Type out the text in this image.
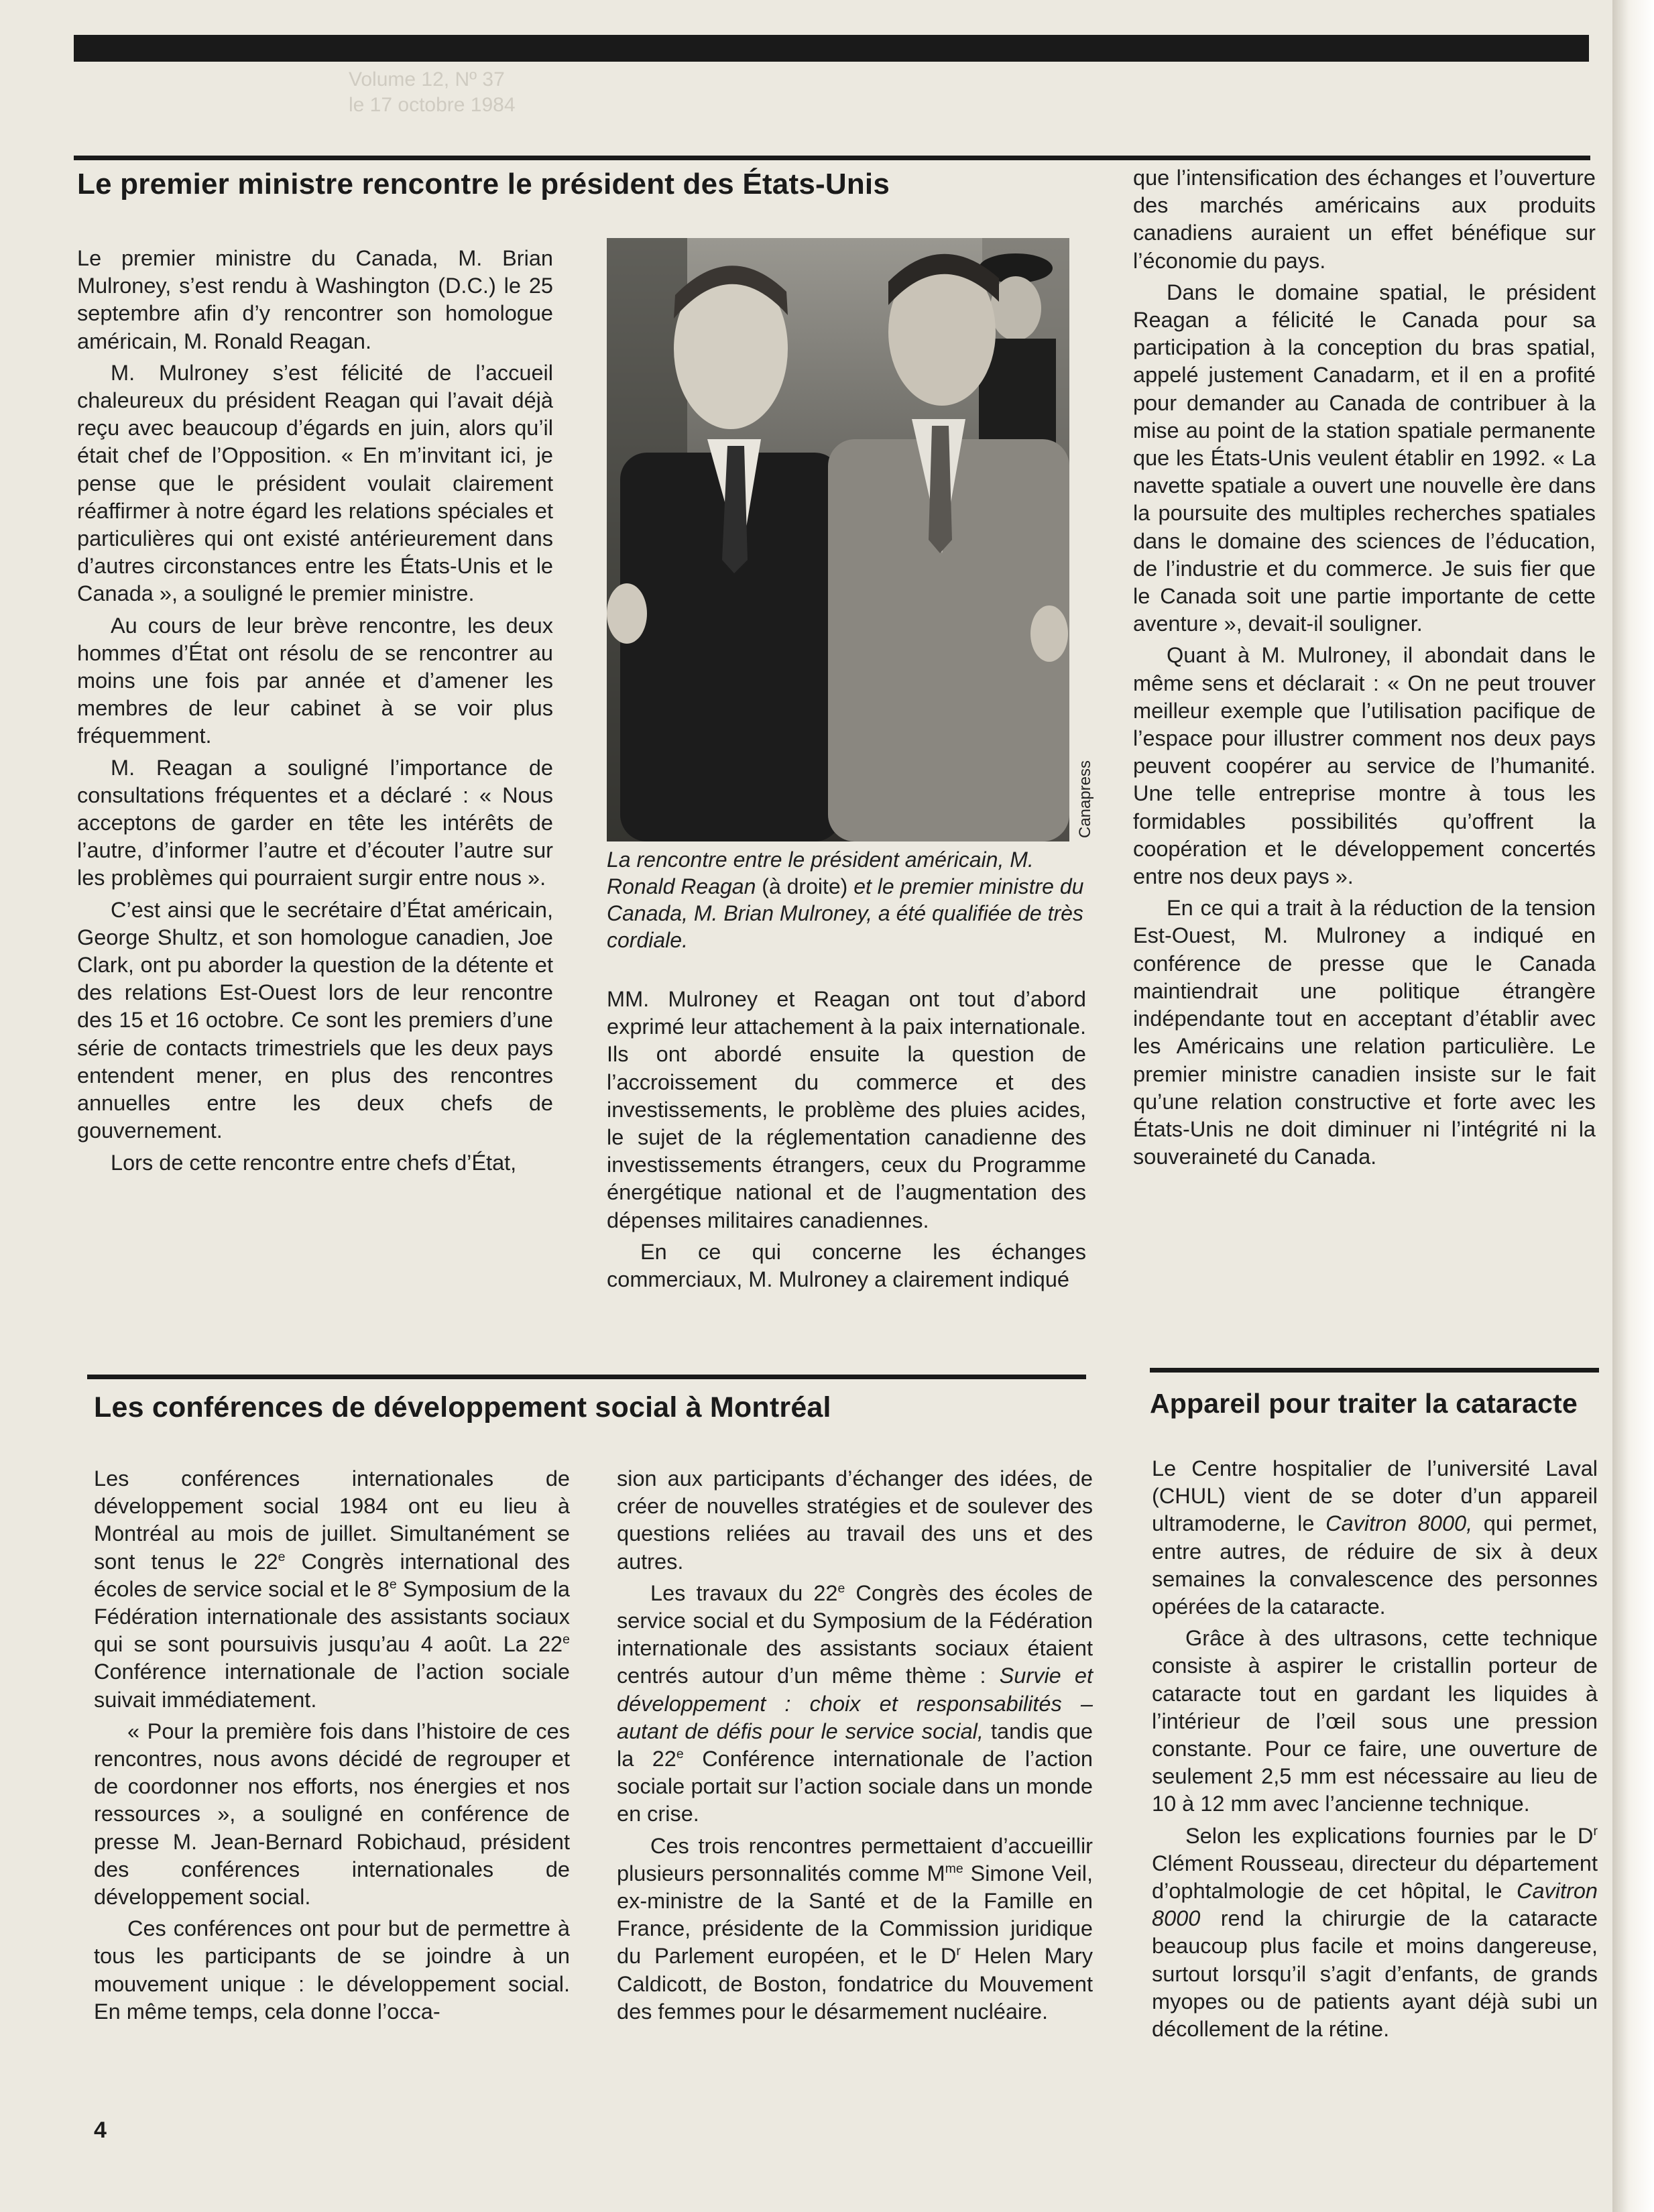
Volume 12, Nº 37
le 17 octobre 1984
Le premier ministre rencontre le président des États-Unis

Le premier ministre du Canada, M. Brian Mulroney, s’est rendu à Washington (D.C.) le 25 septembre afin d’y rencontrer son homologue américain, M. Ronald Reagan.

M. Mulroney s’est félicité de l’accueil chaleureux du président Reagan qui l’avait déjà reçu avec beaucoup d’égards en juin, alors qu’il était chef de l’Opposition. « En m’invitant ici, je pense que le président voulait clairement réaffirmer à notre égard les relations spéciales et particulières qui ont existé antérieurement dans d’autres circonstances entre les États-Unis et le Canada », a souligné le premier ministre.

Au cours de leur brève rencontre, les deux hommes d’État ont résolu de se rencontrer au moins une fois par année et d’amener les membres de leur cabinet à se voir plus fréquemment.

M. Reagan a souligné l’importance de consultations fréquentes et a déclaré : « Nous acceptons de garder en tête les intérêts de l’autre, d’informer l’autre et d’écouter l’autre sur les problèmes qui pourraient surgir entre nous ».

C’est ainsi que le secrétaire d’État américain, George Shultz, et son homologue canadien, Joe Clark, ont pu aborder la question de la détente et des relations Est-Ouest lors de leur rencontre des 15 et 16 octobre. Ce sont les premiers d’une série de contacts trimestriels que les deux pays entendent mener, en plus des rencontres annuelles entre les deux chefs de gouvernement.

Lors de cette rencontre entre chefs d’État,

Canapress
La rencontre entre le président américain, M. Ronald Reagan (à droite) et le premier ministre du Canada, M. Brian Mulroney, a été qualifiée de très cordiale.

MM. Mulroney et Reagan ont tout d’abord exprimé leur attachement à la paix internationale. Ils ont abordé ensuite la question de l’accroissement du commerce et des investissements, le problème des pluies acides, le sujet de la réglementation canadienne des investissements étrangers, ceux du Programme énergétique national et de l’augmentation des dépenses militaires canadiennes.

En ce qui concerne les échanges commerciaux, M. Mulroney a clairement indiqué

que l’intensification des échanges et l’ouverture des marchés américains aux produits canadiens auraient un effet bénéfique sur l’économie du pays.

Dans le domaine spatial, le président Reagan a félicité le Canada pour sa participation à la conception du bras spatial, appelé justement Canadarm, et il en a profité pour demander au Canada de contribuer à la mise au point de la station spatiale permanente que les États-Unis veulent établir en 1992. « La navette spatiale a ouvert une nouvelle ère dans la poursuite des multiples recherches spatiales dans le domaine des sciences de l’éducation, de l’industrie et du commerce. Je suis fier que le Canada soit une partie importante de cette aventure », devait-il souligner.

Quant à M. Mulroney, il abondait dans le même sens et déclarait : « On ne peut trouver meilleur exemple que l’utilisation pacifique de l’espace pour illustrer comment nos deux pays peuvent coopérer au service de l’humanité. Une telle entreprise montre à tous les formidables possibilités qu’offrent la coopération et le développement concertés entre nos deux pays ».

En ce qui a trait à la réduction de la tension Est-Ouest, M. Mulroney a indiqué en conférence de presse que le Canada maintiendrait une politique étrangère indépendante tout en acceptant d’établir avec les Américains une relation particulière. Le premier ministre canadien insiste sur le fait qu’une relation constructive et forte avec les États-Unis ne doit diminuer ni l’intégrité ni la souveraineté du Canada.

Les conférences de développement social à Montréal

Les conférences internationales de développement social 1984 ont eu lieu à Montréal au mois de juillet. Simultanément se sont tenus le 22e Congrès international des écoles de service social et le 8e Symposium de la Fédération internationale des assistants sociaux qui se sont poursuivis jusqu’au 4 août. La 22e Conférence internationale de l’action sociale suivait immédiatement.

« Pour la première fois dans l’histoire de ces rencontres, nous avons décidé de regrouper et de coordonner nos efforts, nos énergies et nos ressources », a souligné en conférence de presse M. Jean-Bernard Robichaud, président des conférences internationales de développement social.

Ces conférences ont pour but de permettre à tous les participants de se joindre à un mouvement unique : le développement social. En même temps, cela donne l’occa-

sion aux participants d’échanger des idées, de créer de nouvelles stratégies et de soulever des questions reliées au travail des uns et des autres.

Les travaux du 22e Congrès des écoles de service social et du Symposium de la Fédération internationale des assistants sociaux étaient centrés autour d’un même thème : Survie et développement : choix et responsabilités – autant de défis pour le service social, tandis que la 22e Conférence internationale de l’action sociale portait sur l’action sociale dans un monde en crise.

Ces trois rencontres permettaient d’accueillir plusieurs personnalités comme $M^{me}$ Simone Veil, ex-ministre de la Santé et de la Famille en France, présidente de la Commission juridique du Parlement européen, et le $D^r$ Helen Mary Caldicott, de Boston, fondatrice du Mouvement des femmes pour le désarmement nucléaire.

Appareil pour traiter la cataracte

Le Centre hospitalier de l’université Laval (CHUL) vient de se doter d’un appareil ultramoderne, le Cavitron 8000, qui permet, entre autres, de réduire de six à deux semaines la convalescence des personnes opérées de la cataracte.

Grâce à des ultrasons, cette technique consiste à aspirer le cristallin porteur de cataracte tout en gardant les liquides à l’intérieur de l’œil sous une pression constante. Pour ce faire, une ouverture de seulement 2,5 mm est nécessaire au lieu de 10 à 12 mm avec l’ancienne technique.

Selon les explications fournies par le $D^r$ Clément Rousseau, directeur du département d’ophtalmologie de cet hôpital, le Cavitron 8000 rend la chirurgie de la cataracte beaucoup plus facile et moins dangereuse, surtout lorsqu’il s’agit d’enfants, de grands myopes ou de patients ayant déjà subi un décollement de la rétine.

4
